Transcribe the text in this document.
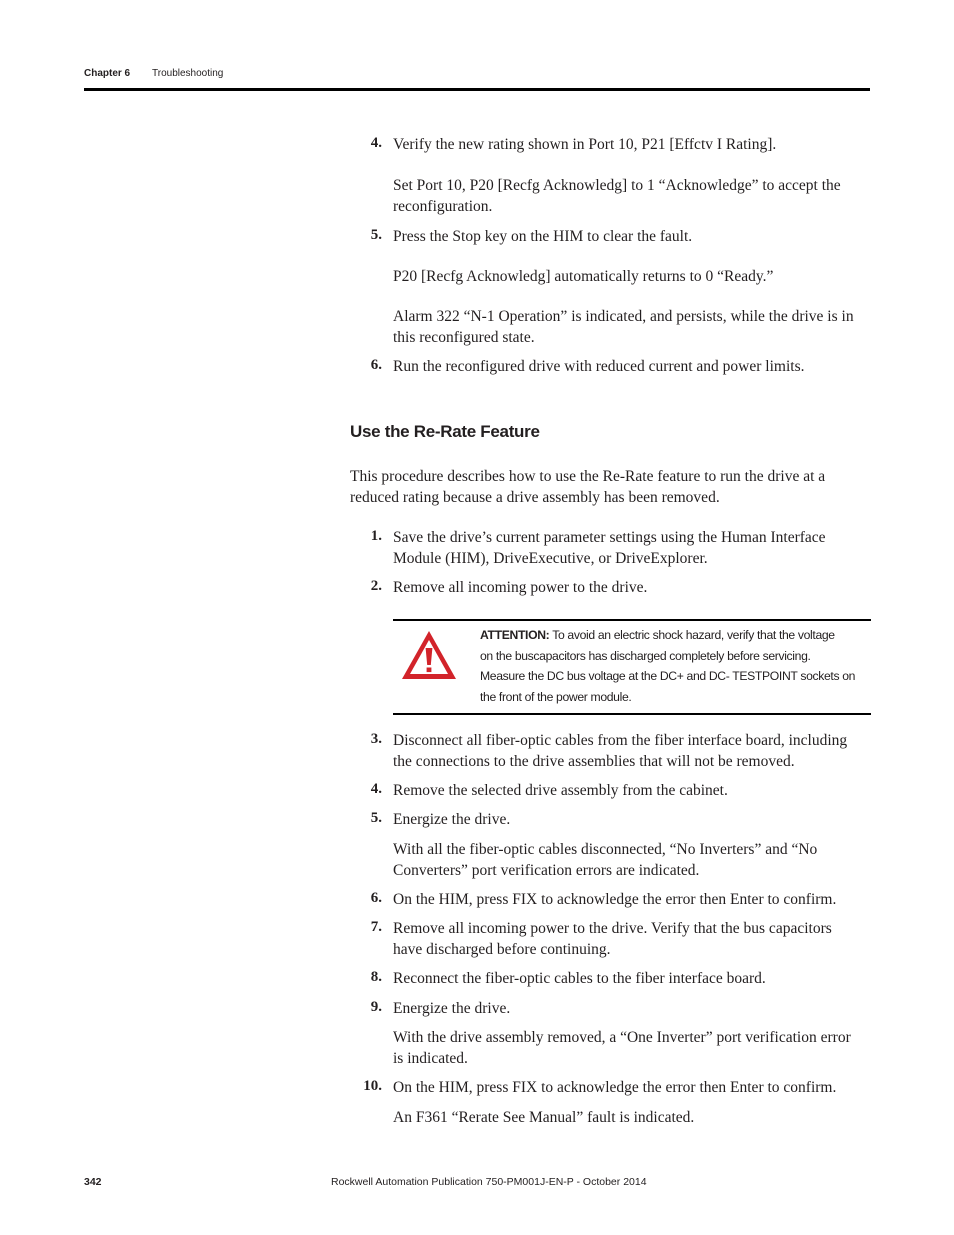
Chapter 6 Troubleshooting
4. Verify the new rating shown in Port 10, P21 [Effctv I Rating].
Set Port 10, P20 [Recfg Acknowledg] to 1 “Acknowledge” to accept the
reconfiguration.
5. Press the Stop key on the HIM to clear the fault.
P20 [Recfg Acknowledg] automatically returns to 0 “Ready.”
Alarm 322 “N-1 Operation” is indicated, and persists, while the drive is in
this reconfigured state.
6. Run the reconfigured drive with reduced current and power limits.
Use the Re-Rate Feature
This procedure describes how to use the Re-Rate feature to run the drive at a
reduced rating because a drive assembly has been removed.
1. Save the drive’s current parameter settings using the Human Interface
Module (HIM), DriveExecutive, or DriveExplorer.
2. Remove all incoming power to the drive.
ATTENTION: To avoid an electric shock hazard, verify that the voltage
on the buscapacitors has discharged completely before servicing.
Measure the DC bus voltage at the DC+ and DC- TESTPOINT sockets on
the front of the power module.
3. Disconnect all fiber-optic cables from the fiber interface board, including
the connections to the drive assemblies that will not be removed.
4. Remove the selected drive assembly from the cabinet.
5. Energize the drive.
With all the fiber-optic cables disconnected, “No Inverters” and “No
Converters” port verification errors are indicated.
6. On the HIM, press FIX to acknowledge the error then Enter to confirm.
7. Remove all incoming power to the drive. Verify that the bus capacitors
have discharged before continuing.
8. Reconnect the fiber-optic cables to the fiber interface board.
9. Energize the drive.
With the drive assembly removed, a “One Inverter” port verification error
is indicated.
10. On the HIM, press FIX to acknowledge the error then Enter to confirm.
An F361 “Rerate See Manual” fault is indicated.
342	Rockwell Automation Publication 750-PM001J-EN-P - October 2014
